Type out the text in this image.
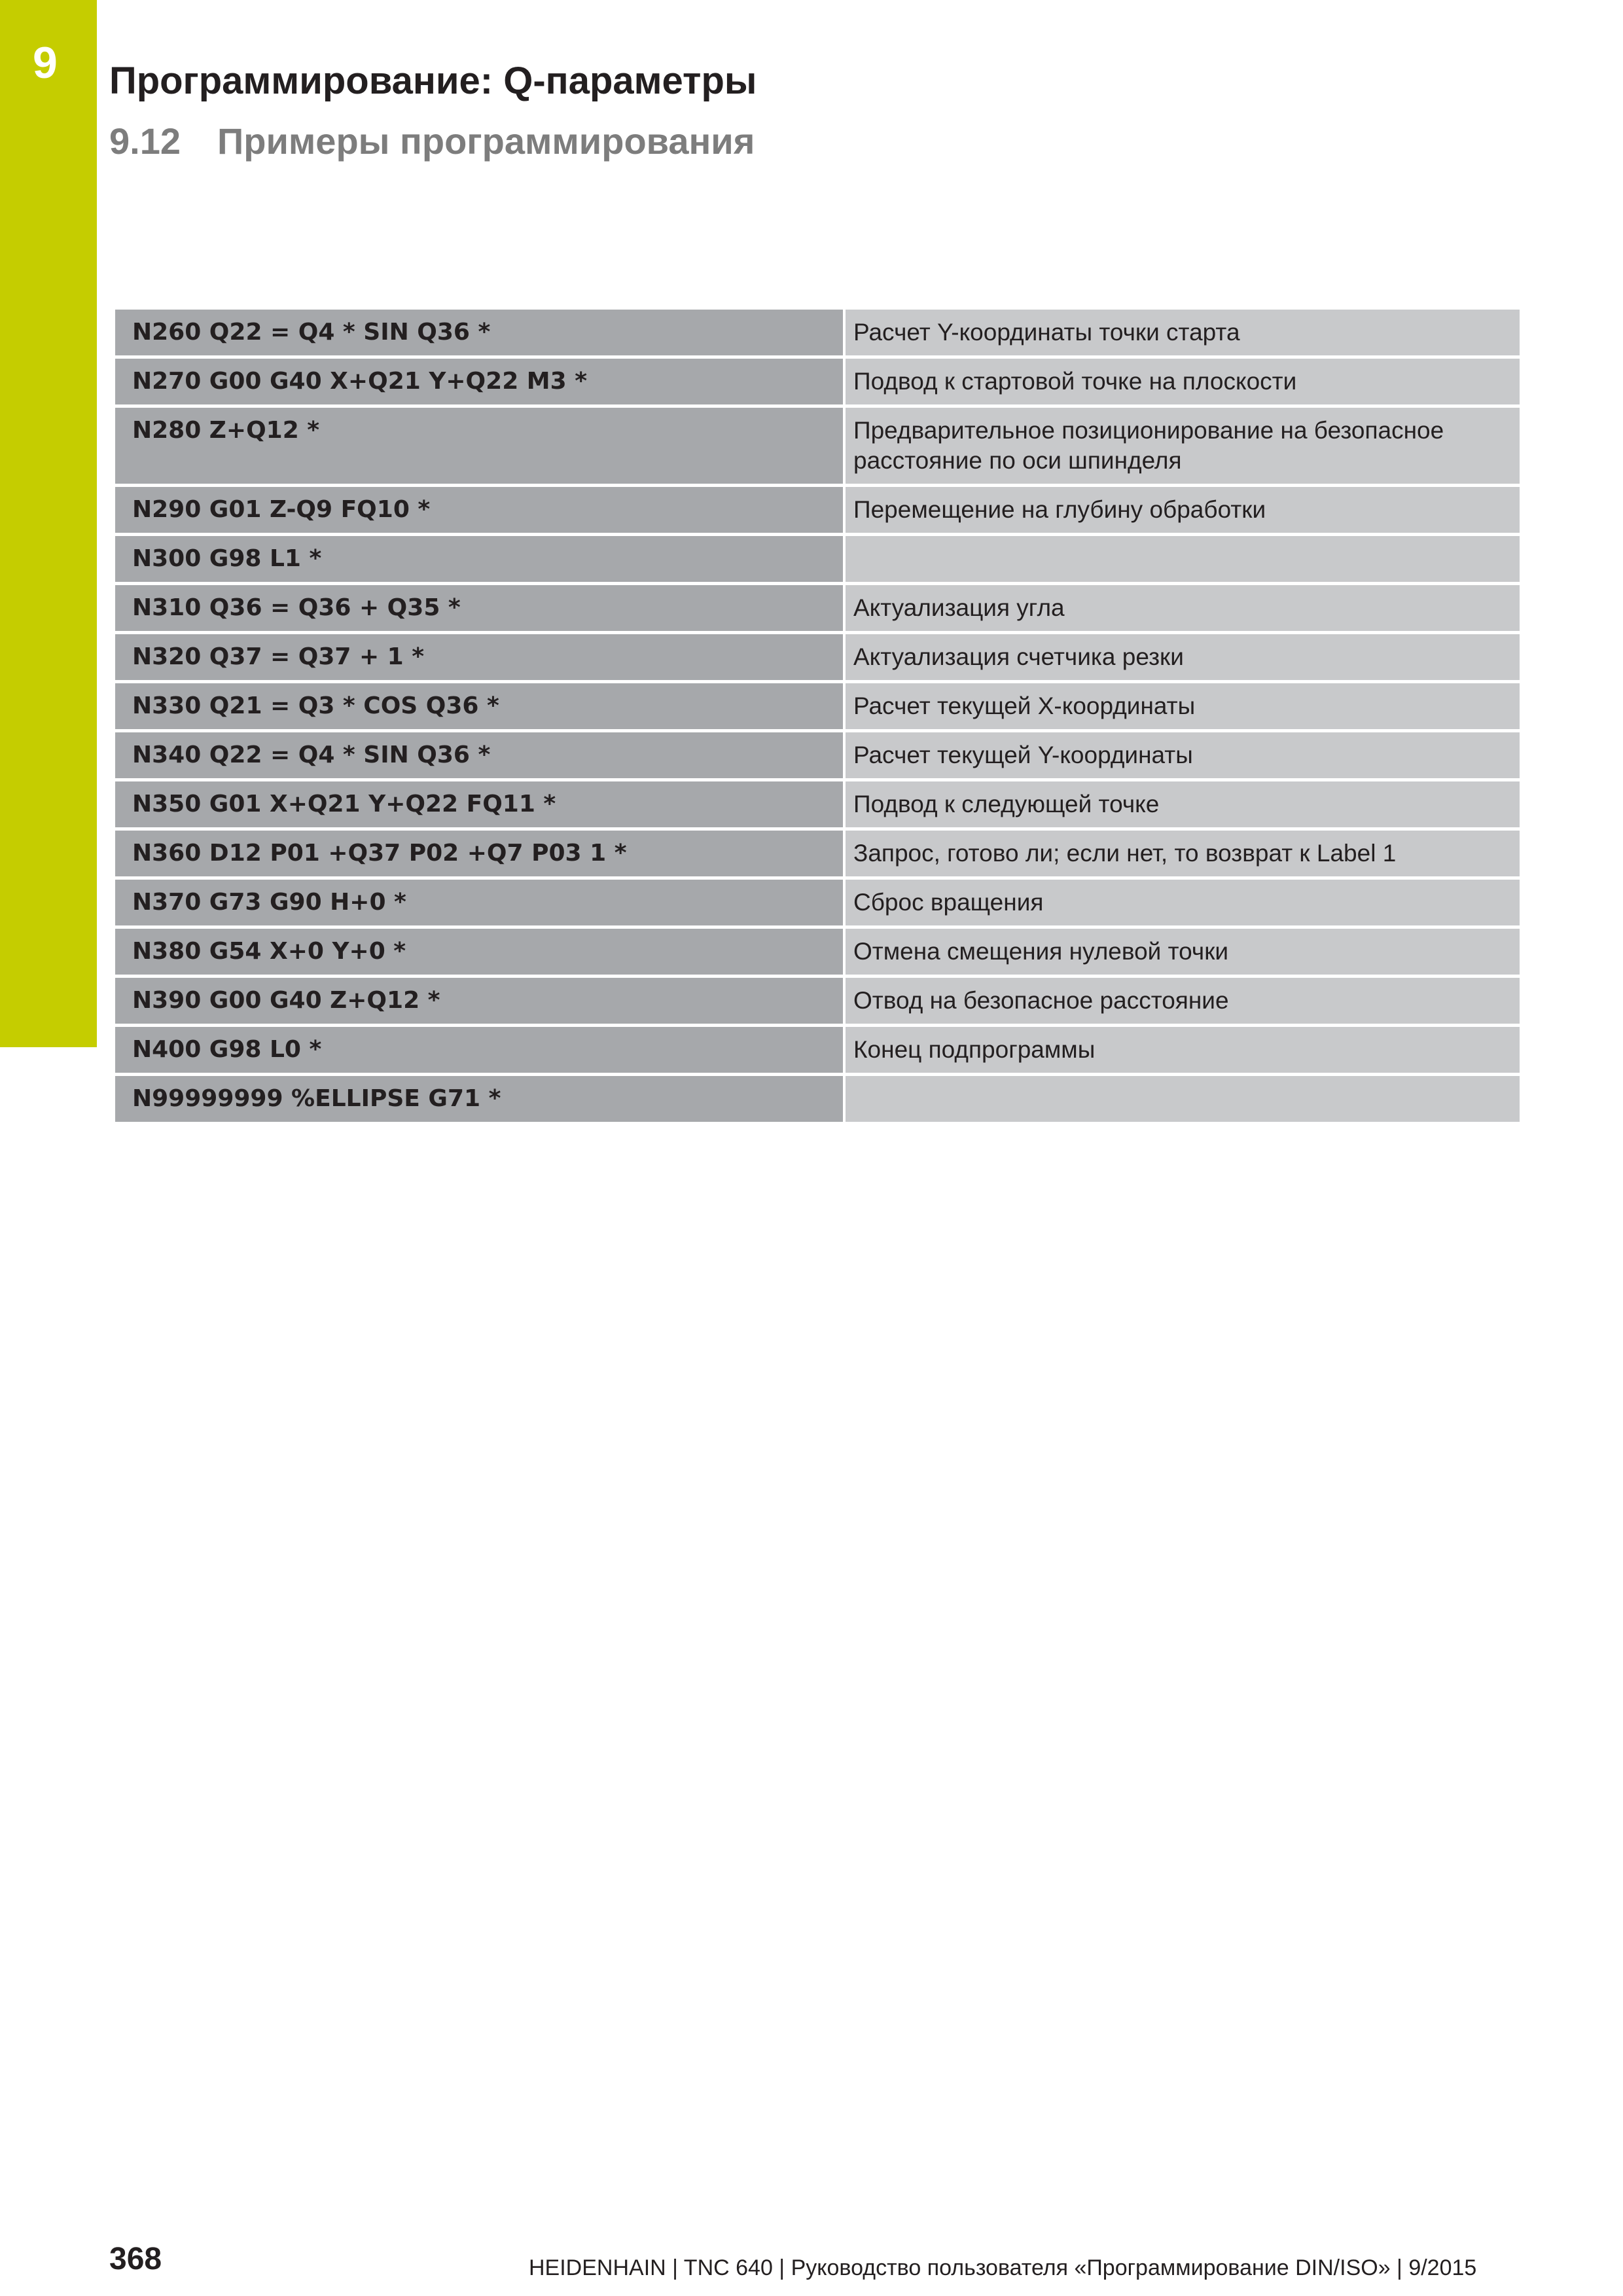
9 Программирование: Q-параметры
9.12 Примеры программирования
N260 Q22 = Q4 * SIN Q36 *	Расчет Y-координаты точки старта
N270 G00 G40 X+Q21 Y+Q22 M3 *	Подвод к стартовой точке на плоскости
N280 Z+Q12 *	Предварительное позиционирование на безопасное расстояние по оси шпинделя
N290 G01 Z-Q9 FQ10 *	Перемещение на глубину обработки
N300 G98 L1 *	
N310 Q36 = Q36 + Q35 *	Актуализация угла
N320 Q37 = Q37 + 1 *	Актуализация счетчика резки
N330 Q21 = Q3 * COS Q36 *	Расчет текущей X-координаты
N340 Q22 = Q4 * SIN Q36 *	Расчет текущей Y-координаты
N350 G01 X+Q21 Y+Q22 FQ11 *	Подвод к следующей точке
N360 D12 P01 +Q37 P02 +Q7 P03 1 *	Запрос, готово ли; если нет, то возврат к Label 1
N370 G73 G90 H+0 *	Сброс вращения
N380 G54 X+0 Y+0 *	Отмена смещения нулевой точки
N390 G00 G40 Z+Q12 *	Отвод на безопасное расстояние
N400 G98 L0 *	Конец подпрограммы
N99999999 %ELLIPSE G71 *	
368	HEIDENHAIN | TNC 640 | Руководство пользователя «Программирование DIN/ISO» | 9/2015
